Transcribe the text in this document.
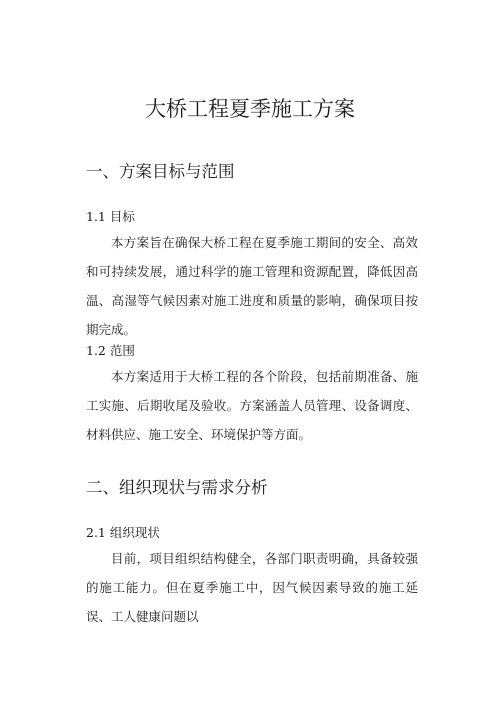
大桥工程夏季施工方案
一、方案目标与范围
1.1 目标

本方案旨在确保大桥工程在夏季施工期间的安全、高效和可持续发展，通过科学的施工管理和资源配置，降低因高温、高湿等气候因素对施工进度和质量的影响，确保项目按期完成。

1.2 范围

本方案适用于大桥工程的各个阶段，包括前期准备、施工实施、后期收尾及验收。方案涵盖人员管理、设备调度、材料供应、施工安全、环境保护等方面。

二、组织现状与需求分析
2.1 组织现状

目前，项目组织结构健全，各部门职责明确，具备较强的施工能力。但在夏季施工中，因气候因素导致的施工延误、工人健康问题以
